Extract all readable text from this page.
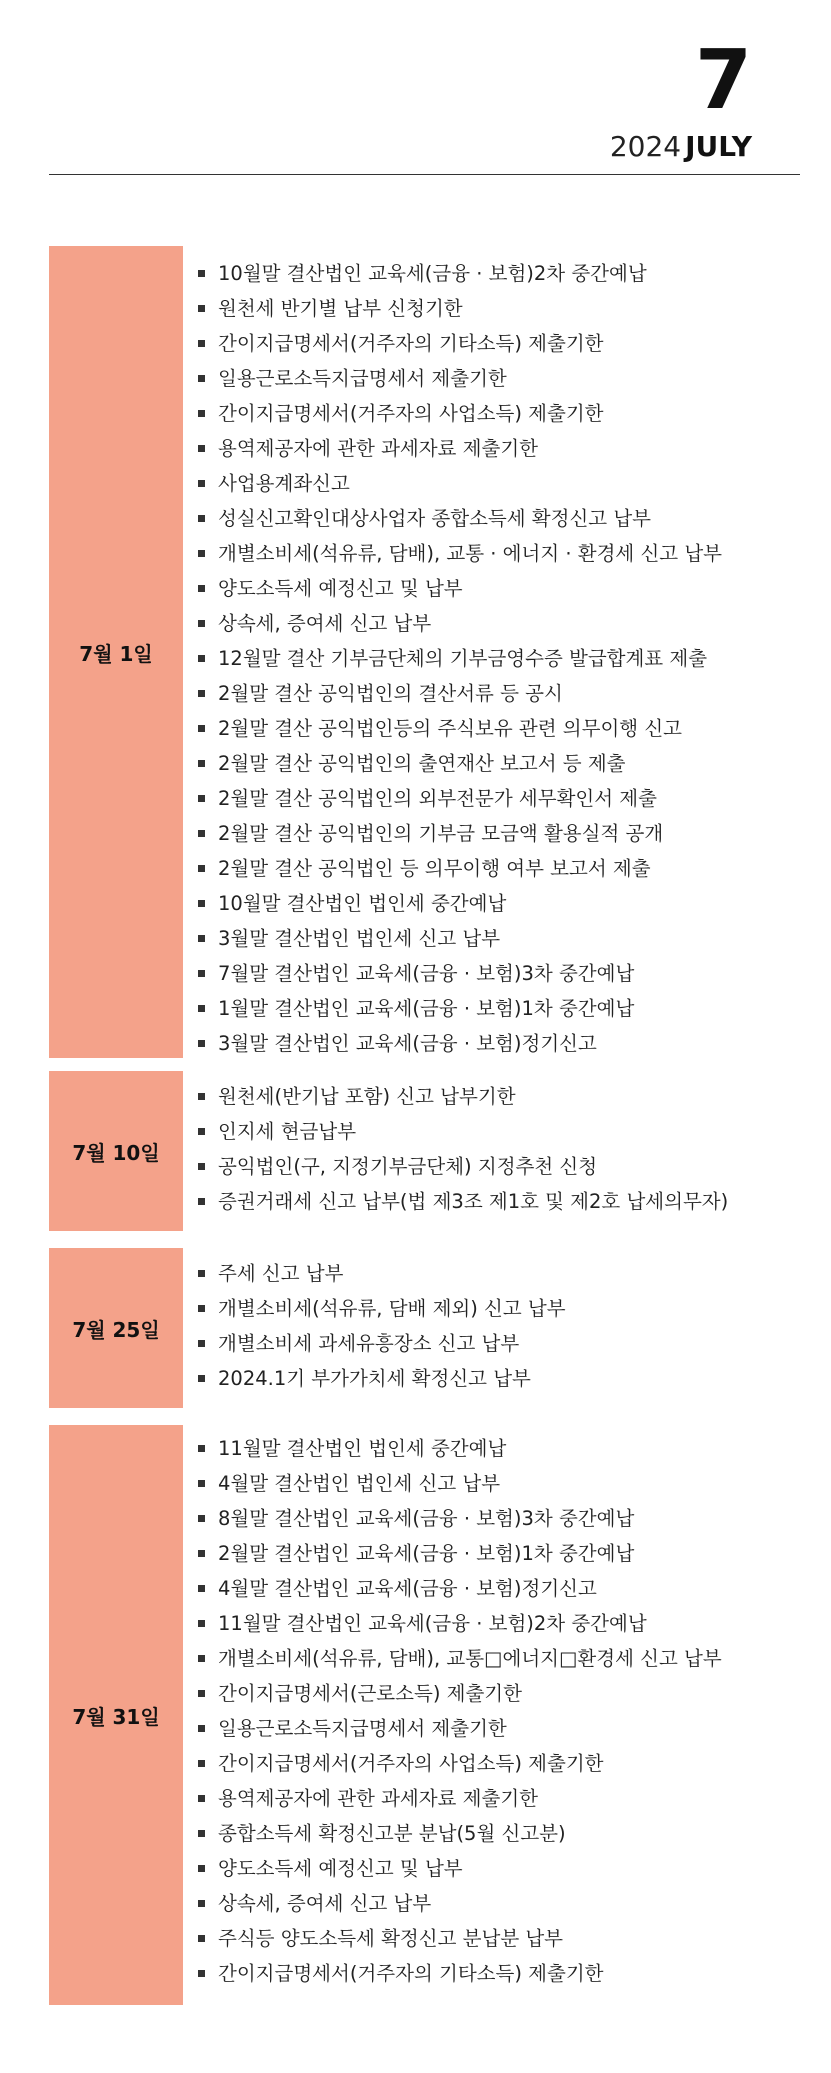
7
2024 JULY
7월 1일
10월말 결산법인 교육세(금융 · 보험)2차 중간예납
원천세 반기별 납부 신청기한
간이지급명세서(거주자의 기타소득) 제출기한
일용근로소득지급명세서 제출기한
간이지급명세서(거주자의 사업소득) 제출기한
용역제공자에 관한 과세자료 제출기한
사업용계좌신고
성실신고확인대상사업자 종합소득세 확정신고 납부
개별소비세(석유류, 담배), 교통 · 에너지 · 환경세 신고 납부
양도소득세 예정신고 및 납부
상속세, 증여세 신고 납부
12월말 결산 기부금단체의 기부금영수증 발급합계표 제출
2월말 결산 공익법인의 결산서류 등 공시
2월말 결산 공익법인등의 주식보유 관련 의무이행 신고
2월말 결산 공익법인의 출연재산 보고서 등 제출
2월말 결산 공익법인의 외부전문가 세무확인서 제출
2월말 결산 공익법인의 기부금 모금액 활용실적 공개
2월말 결산 공익법인 등 의무이행 여부 보고서 제출
10월말 결산법인 법인세 중간예납
3월말 결산법인 법인세 신고 납부
7월말 결산법인 교육세(금융 · 보험)3차 중간예납
1월말 결산법인 교육세(금융 · 보험)1차 중간예납
3월말 결산법인 교육세(금융 · 보험)정기신고
7월 10일
원천세(반기납 포함) 신고 납부기한
인지세 현금납부
공익법인(구, 지정기부금단체) 지정추천 신청
증권거래세 신고 납부(법 제3조 제1호 및 제2호 납세의무자)
7월 25일
주세 신고 납부
개별소비세(석유류, 담배 제외) 신고 납부
개별소비세 과세유흥장소 신고 납부
2024.1기 부가가치세 확정신고 납부
7월 31일
11월말 결산법인 법인세 중간예납
4월말 결산법인 법인세 신고 납부
8월말 결산법인 교육세(금융 · 보험)3차 중간예납
2월말 결산법인 교육세(금융 · 보험)1차 중간예납
4월말 결산법인 교육세(금융 · 보험)정기신고
11월말 결산법인 교육세(금융 · 보험)2차 중간예납
개별소비세(석유류, 담배), 교통□에너지□환경세 신고 납부
간이지급명세서(근로소득) 제출기한
일용근로소득지급명세서 제출기한
간이지급명세서(거주자의 사업소득) 제출기한
용역제공자에 관한 과세자료 제출기한
종합소득세 확정신고분 분납(5월 신고분)
양도소득세 예정신고 및 납부
상속세, 증여세 신고 납부
주식등 양도소득세 확정신고 분납분 납부
간이지급명세서(거주자의 기타소득) 제출기한
